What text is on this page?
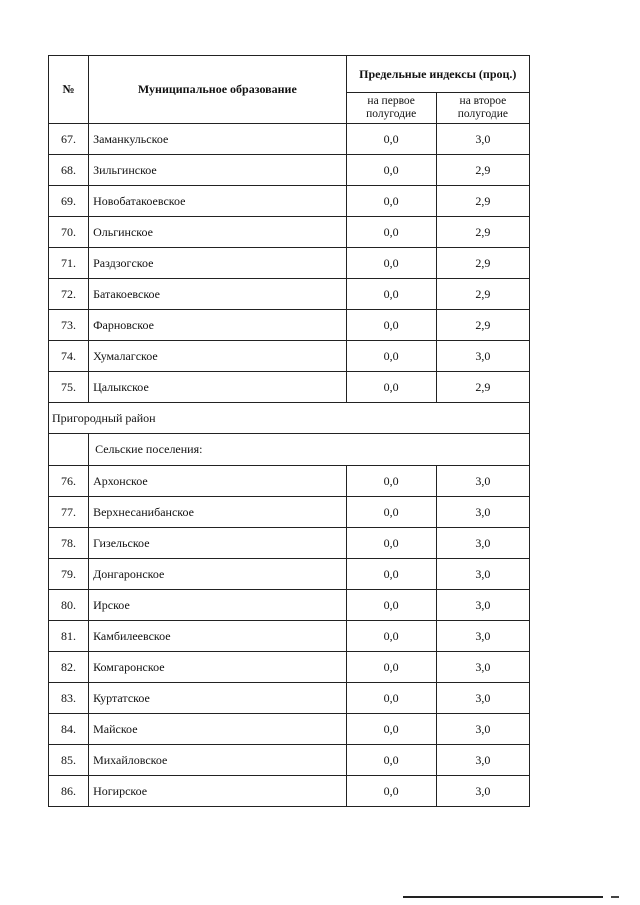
№	Муниципальное образование	Предельные индексы (проц.)	
		на первое полугодие	на второе полугодие
67.	Заманкульское	0,0	3,0
68.	Зильгинское	0,0	2,9
69.	Новобатакоевское	0,0	2,9
70.	Ольгинское	0,0	2,9
71.	Раздзогское	0,0	2,9
72.	Батакоевское	0,0	2,9
73.	Фарновское	0,0	2,9
74.	Хумалагское	0,0	3,0
75.	Цалыкское	0,0	2,9
Пригородный район			
	Сельские поселения:		
76.	Архонское	0,0	3,0
77.	Верхнесанибанское	0,0	3,0
78.	Гизельское	0,0	3,0
79.	Донгаронское	0,0	3,0
80.	Ирское	0,0	3,0
81.	Камбилеевское	0,0	3,0
82.	Комгаронское	0,0	3,0
83.	Куртатское	0,0	3,0
84.	Майское	0,0	3,0
85.	Михайловское	0,0	3,0
86.	Ногирское	0,0	3,0
